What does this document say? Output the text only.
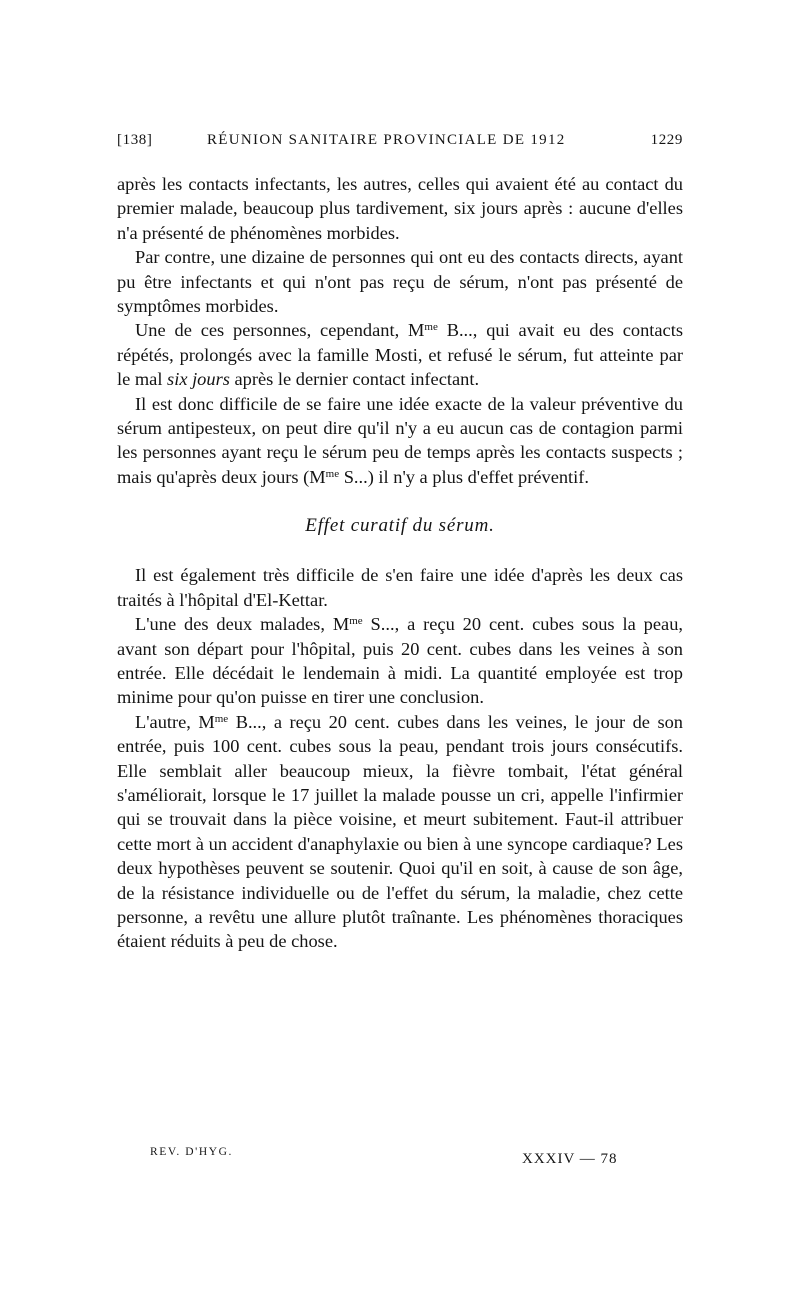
[138]	RÉUNION SANITAIRE PROVINCIALE DE 1912	1229

après les contacts infectants, les autres, celles qui avaient été au contact du premier malade, beaucoup plus tardivement, six jours après : aucune d'elles n'a présenté de phénomènes morbides.

Par contre, une dizaine de personnes qui ont eu des contacts directs, ayant pu être infectants et qui n'ont pas reçu de sérum, n'ont pas présenté de symptômes morbides.

Une de ces personnes, cependant, $M^{me}$ B..., qui avait eu des contacts répétés, prolongés avec la famille Mosti, et refusé le sérum, fut atteinte par le mal six jours après le dernier contact infectant.

Il est donc difficile de se faire une idée exacte de la valeur préventive du sérum antipesteux, on peut dire qu'il n'y a eu aucun cas de contagion parmi les personnes ayant reçu le sérum peu de temps après les contacts suspects ; mais qu'après deux jours ($M^{me}$ S...) il n'y a plus d'effet préventif.

Effet curatif du sérum.

Il est également très difficile de s'en faire une idée d'après les deux cas traités à l'hôpital d'El-Kettar.

L'une des deux malades, $M^{me}$ S..., a reçu 20 cent. cubes sous la peau, avant son départ pour l'hôpital, puis 20 cent. cubes dans les veines à son entrée. Elle décédait le lendemain à midi. La quantité employée est trop minime pour qu'on puisse en tirer une conclusion.

L'autre, $M^{me}$ B..., a reçu 20 cent. cubes dans les veines, le jour de son entrée, puis 100 cent. cubes sous la peau, pendant trois jours consécutifs. Elle semblait aller beaucoup mieux, la fièvre tombait, l'état général s'améliorait, lorsque le 17 juillet la malade pousse un cri, appelle l'infirmier qui se trouvait dans la pièce voisine, et meurt subitement. Faut-il attribuer cette mort à un accident d'anaphylaxie ou bien à une syncope cardiaque? Les deux hypothèses peuvent se soutenir. Quoi qu'il en soit, à cause de son âge, de la résistance individuelle ou de l'effet du sérum, la maladie, chez cette personne, a revêtu une allure plutôt traînante. Les phénomènes thoraciques étaient réduits à peu de chose.

REV. D'HYG.	XXXIV — 78
